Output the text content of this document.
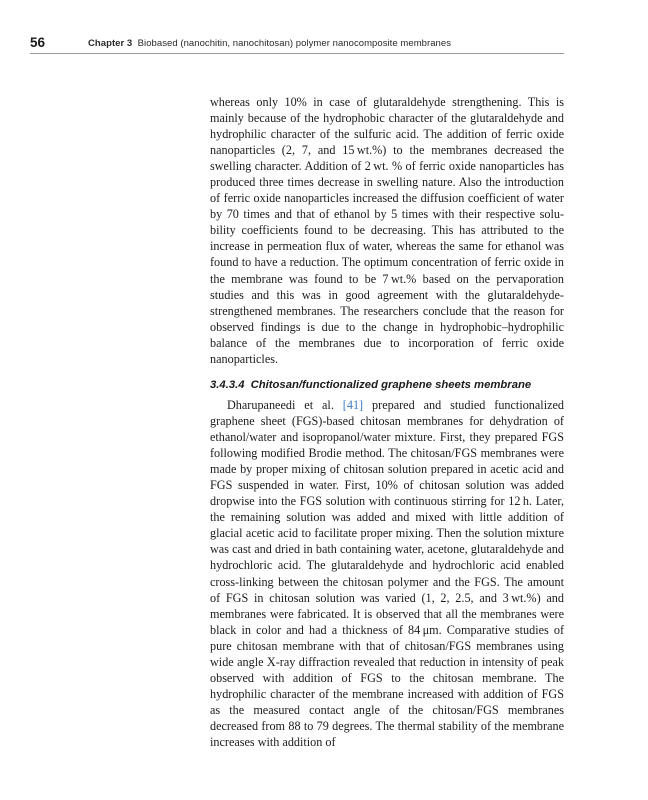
56	Chapter 3 Biobased (nanochitin, nanochitosan) polymer nanocomposite membranes

whereas only 10% in case of glutaraldehyde strengthening. This is mainly because of the hydrophobic character of the glutaraldehyde and hydrophilic character of the sulfuric acid. The addition of ferric oxide nanoparticles (2, 7, and 15 wt.%) to the membranes decreased the swelling character. Addition of 2 wt. % of ferric oxide nanoparticles has produced three times decrease in swelling nature. Also the introduction of ferric oxide nanoparticles increased the diffusion coefficient of water by 70 times and that of ethanol by 5 times with their respective solubility coefficients found to be decreasing. This has attributed to the increase in permeation flux of water, whereas the same for ethanol was found to have a reduction. The optimum concentration of ferric oxide in the membrane was found to be 7 wt.% based on the pervaporation studies and this was in good agreement with the glutaraldehyde-strengthened membranes. The researchers conclude that the reason for observed findings is due to the change in hydrophobic–hydrophilic balance of the membranes due to incorporation of ferric oxide nanoparticles.

3.4.3.4 Chitosan/functionalized graphene sheets membrane

Dharupaneedi et al. [41] prepared and studied functionalized graphene sheet (FGS)-based chitosan membranes for dehydration of ethanol/water and isopropanol/water mixture. First, they prepared FGS following modified Brodie method. The chitosan/FGS membranes were made by proper mixing of chitosan solution prepared in acetic acid and FGS suspended in water. First, 10% of chitosan solution was added dropwise into the FGS solution with continuous stirring for 12 h. Later, the remaining solution was added and mixed with little addition of glacial acetic acid to facilitate proper mixing. Then the solution mixture was cast and dried in bath containing water, acetone, glutaraldehyde and hydrochloric acid. The glutaraldehyde and hydrochloric acid enabled cross-linking between the chitosan polymer and the FGS. The amount of FGS in chitosan solution was varied (1, 2, 2.5, and 3 wt.%) and membranes were fabricated. It is observed that all the membranes were black in color and had a thickness of 84 μm. Comparative studies of pure chitosan membrane with that of chitosan/FGS membranes using wide angle X-ray diffraction revealed that reduction in intensity of peak observed with addition of FGS to the chitosan membrane. The hydrophilic character of the membrane increased with addition of FGS as the measured contact angle of the chitosan/FGS membranes decreased from 88 to 79 degrees. The thermal stability of the membrane increases with addition of
